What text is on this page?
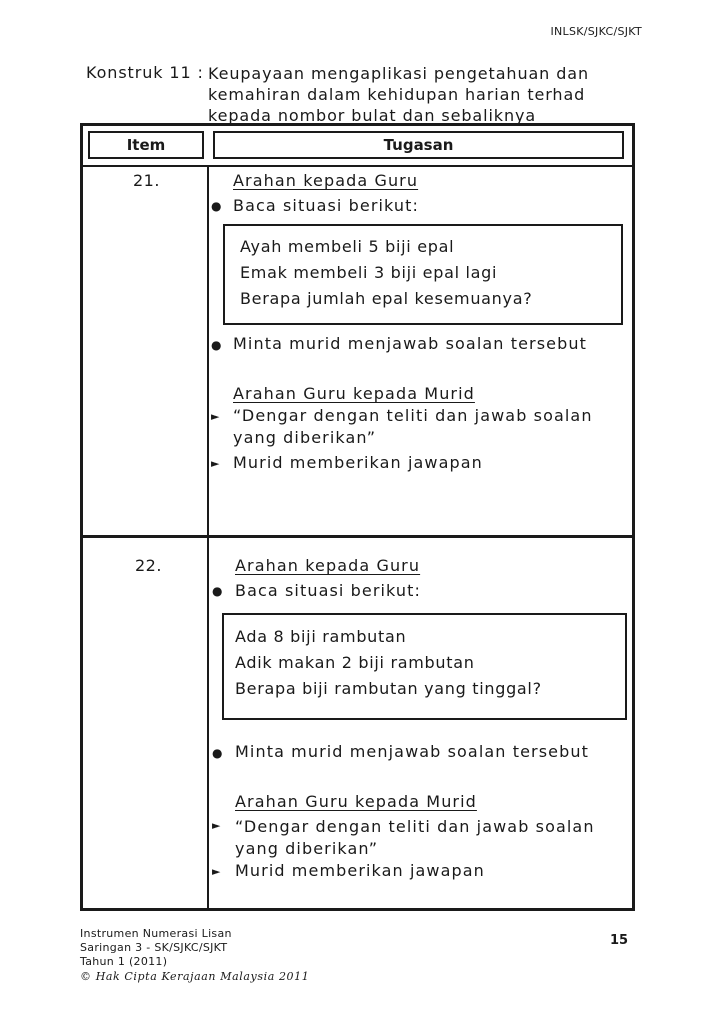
INLSK/SJKC/SJKT
Konstruk 11 : Keupayaan mengaplikasi pengetahuan dan
kemahiran dalam kehidupan harian terhad
kepada nombor bulat dan sebaliknya
Item	Tugasan
21.	Arahan kepada Guru
● Baca situasi berikut:
Ayah membeli 5 biji epal
Emak membeli 3 biji epal lagi
Berapa jumlah epal kesemuanya?
● Minta murid menjawab soalan tersebut
Arahan Guru kepada Murid
► “Dengar dengan teliti dan jawab soalan
yang diberikan”
► Murid memberikan jawapan
22.	Arahan kepada Guru
● Baca situasi berikut:
Ada 8 biji rambutan
Adik makan 2 biji rambutan
Berapa biji rambutan yang tinggal?
● Minta murid menjawab soalan tersebut
Arahan Guru kepada Murid
► “Dengar dengan teliti dan jawab soalan
yang diberikan”
► Murid memberikan jawapan
Instrumen Numerasi Lisan
Saringan 3 - SK/SJKC/SJKT
Tahun 1 (2011)
© Hak Cipta Kerajaan Malaysia 2011
15
